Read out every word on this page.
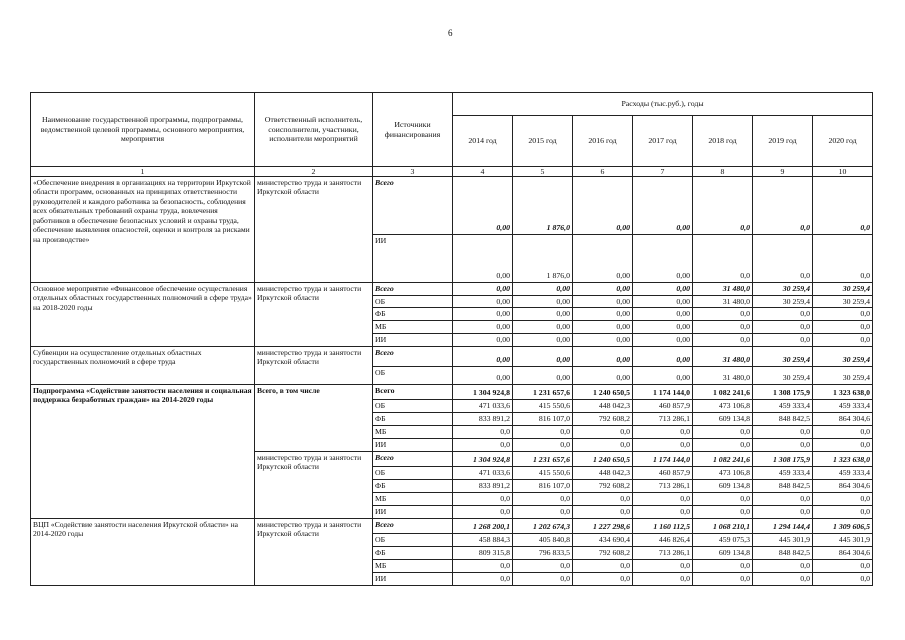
6
Наименование государственной программы, подпрограммы, ведомственной целевой программы, основного мероприятия, мероприятия	Ответственный исполнитель, соисполнители, участники, исполнители мероприятий	Источники финансирования	Расходы (тыс.руб.), годы						
			2014 год	2015 год	2016 год	2017 год	2018 год	2019 год	2020 год
1	2	3	4	5	6	7	8	9	10
«Обеспечение внедрения в организациях на территории Иркутской области программ, основанных на принципах ответственности руководителей и каждого работника за безопасность, соблюдения всех обязательных требований охраны труда, вовлечения работников в обеспечение безопасных условий и охраны труда, обеспечение выявления опасностей, оценки и контроля за рисками на производстве»	министерство труда и занятости Иркутской области	Всего	0,00	1 876,0	0,00	0,00	0,0	0,0	0,0
		ИИ	0,00	1 876,0	0,00	0,00	0,0	0,0	0,0
Основное мероприятие «Финансовое обеспечение осуществления отдельных областных государственных полномочий в сфере труда» на 2018-2020 годы	министерство труда и занятости Иркутской области	Всего	0,00	0,00	0,00	0,00	31 480,0	30 259,4	30 259,4
		ОБ	0,00	0,00	0,00	0,00	31 480,0	30 259,4	30 259,4
		ФБ	0,00	0,00	0,00	0,00	0,0	0,0	0,0
		МБ	0,00	0,00	0,00	0,00	0,0	0,0	0,0
		ИИ	0,00	0,00	0,00	0,00	0,0	0,0	0,0
Субвенции на осуществление отдельных областных государственных полномочий в сфере труда	министерство труда и занятости Иркутской области	Всего	0,00	0,00	0,00	0,00	31 480,0	30 259,4	30 259,4
		ОБ	0,00	0,00	0,00	0,00	31 480,0	30 259,4	30 259,4
Подпрограмма «Содействие занятости населения и социальная поддержка безработных граждан» на 2014-2020 годы	Всего, в том числе	Всего	1 304 924,8	1 231 657,6	1 240 650,5	1 174 144,0	1 082 241,6	1 308 175,9	1 323 638,0
		ОБ	471 033,6	415 550,6	448 042,3	460 857,9	473 106,8	459 333,4	459 333,4
		ФБ	833 891,2	816 107,0	792 608,2	713 286,1	609 134,8	848 842,5	864 304,6
		МБ	0,0	0,0	0,0	0,0	0,0	0,0	0,0
		ИИ	0,0	0,0	0,0	0,0	0,0	0,0	0,0
	министерство труда и занятости Иркутской области	Всего	1 304 924,8	1 231 657,6	1 240 650,5	1 174 144,0	1 082 241,6	1 308 175,9	1 323 638,0
		ОБ	471 033,6	415 550,6	448 042,3	460 857,9	473 106,8	459 333,4	459 333,4
		ФБ	833 891,2	816 107,0	792 608,2	713 286,1	609 134,8	848 842,5	864 304,6
		МБ	0,0	0,0	0,0	0,0	0,0	0,0	0,0
		ИИ	0,0	0,0	0,0	0,0	0,0	0,0	0,0
ВЦП «Содействие занятости населения Иркутской области» на 2014-2020 годы	министерство труда и занятости Иркутской области	Всего	1 268 200,1	1 202 674,3	1 227 298,6	1 160 112,5	1 068 210,1	1 294 144,4	1 309 606,5
		ОБ	458 884,3	405 840,8	434 690,4	446 826,4	459 075,3	445 301,9	445 301,9
		ФБ	809 315,8	796 833,5	792 608,2	713 286,1	609 134,8	848 842,5	864 304,6
		МБ	0,0	0,0	0,0	0,0	0,0	0,0	0,0
		ИИ	0,0	0,0	0,0	0,0	0,0	0,0	0,0
